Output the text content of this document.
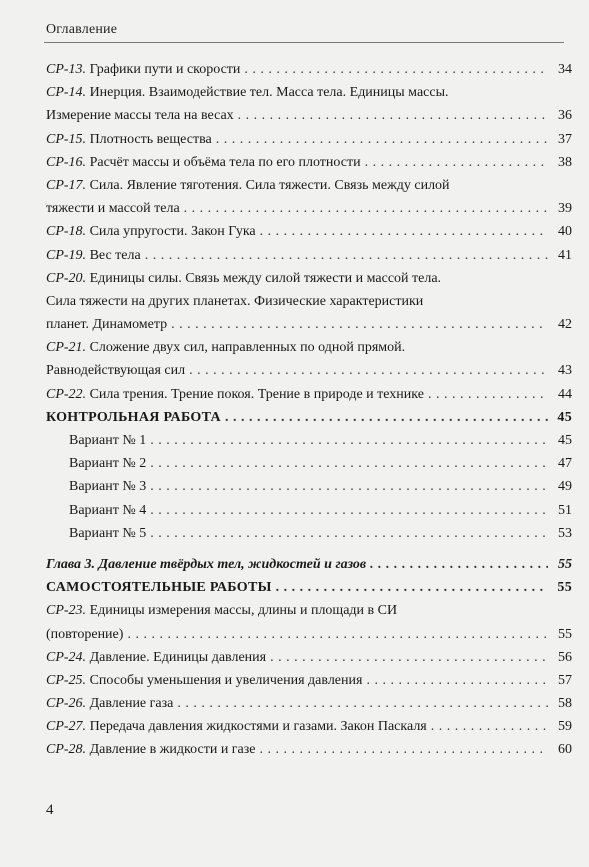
Оглавление
СР-13. Графики пути и скорости . . .	34
СР-14. Инерция. Взаимодействие тел. Масса тела. Единицы массы.
Измерение массы тела на весах . . .	36
СР-15. Плотность вещества . . .	37
СР-16. Расчёт массы и объёма тела по его плотности . . .	38
СР-17. Сила. Явление тяготения. Сила тяжести. Связь между силой
тяжести и массой тела . . .	39
СР-18. Сила упругости. Закон Гука . . .	40
СР-19. Вес тела . . .	41
СР-20. Единицы силы. Связь между силой тяжести и массой тела.
Сила тяжести на других планетах. Физические характеристики
планет. Динамометр . . .	42
СР-21. Сложение двух сил, направленных по одной прямой.
Равнодействующая сил . . .	43
СР-22. Сила трения. Трение покоя. Трение в природе и технике . . .	44
КОНТРОЛЬНАЯ РАБОТА . . .	45
Вариант № 1 . . .	45
Вариант № 2 . . .	47
Вариант № 3 . . .	49
Вариант № 4 . . .	51
Вариант № 5 . . .	53
Глава 3. Давление твёрдых тел, жидкостей и газов . . .	55
САМОСТОЯТЕЛЬНЫЕ РАБОТЫ . . .	55
СР-23. Единицы измерения массы, длины и площади в СИ
(повторение) . . .	55
СР-24. Давление. Единицы давления . . .	56
СР-25. Способы уменьшения и увеличения давления . . .	57
СР-26. Давление газа . . .	58
СР-27. Передача давления жидкостями и газами. Закон Паскаля . . .	59
СР-28. Давление в жидкости и газе . . .	60
4
